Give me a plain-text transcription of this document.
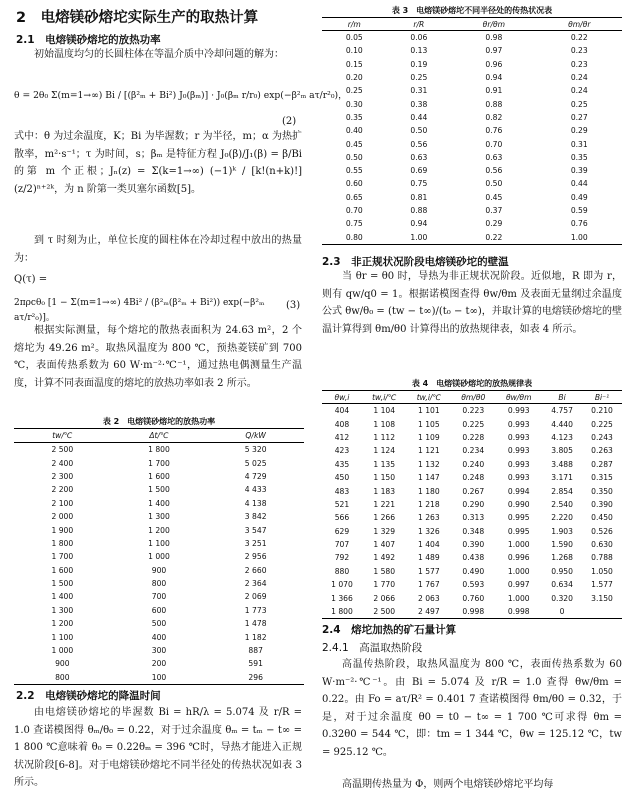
2　电熔镁砂熔坨实际生产的取热计算
2.1　电熔镁砂熔坨的放热功率

初始温度均匀的长圆柱体在等温介质中冷却问题的解为：

θ = 2θ₀ Σ(m=1→∞) Bi / [(β²ₘ + Bi²) J₀(βₘ)] · J₀(βₘ r/r₀) exp(−β²ₘ aτ/r²₀)，
(2)

式中：θ 为过余温度，K；Bi 为毕渥数；r 为半径，m；α 为热扩散率，m²·s⁻¹；τ 为时间，s；βₘ 是特征方程 J₀(β)/J₁(β) = β/Bi 的第 m 个正根；Jₙ(z) = Σ(k=1→∞) (−1)ᵏ / [k!(n+k)!] (z/2)ⁿ⁺²ᵏ，为 n 阶第一类贝塞尔函数[5]。

到 τ 时刻为止，单位长度的圆柱体在冷却过程中放出的热量为：

Q(τ) =
2πρcθ₀ [1 − Σ(m=1→∞) 4Bi² / (β²ₘ(β²ₘ + Bi²)) exp(−β²ₘ aτ/r²₀)]。
(3)

根据实际测量，每个熔坨的散热表面积为 24.63 m²，2 个熔坨为 49.26 m²。取热风温度为 800 ℃，预热菱镁矿到 700 ℃，表面传热系数为 60 W·m⁻²·℃⁻¹，通过热电偶测量生产温度，计算不同表面温度的熔坨的放热功率如表 2 所示。

表 2　电熔镁砂熔坨的放热功率
tw/℃	Δt/℃	Q/kW
2 500	1 800	5 320
2 400	1 700	5 025
2 300	1 600	4 729
2 200	1 500	4 433
2 100	1 400	4 138
2 000	1 300	3 842
1 900	1 200	3 547
1 800	1 100	3 251
1 700	1 000	2 956
1 600	900	2 660
1 500	800	2 364
1 400	700	2 069
1 300	600	1 773
1 200	500	1 478
1 100	400	1 182
1 000	300	887
900	200	591
800	100	296
2.2　电熔镁砂熔坨的降温时间

由电熔镁砂熔坨的毕渥数 Bi = hR/λ = 5.074 及 r/R = 1.0 查诺模图得 θₘ/θ₀ = 0.22，对于过余温度 θₘ = tₘ − t∞ = 1 800 ℃意味着 θ₀ = 0.22θₘ = 396 ℃时，导热才能进入正规状况阶段[6-8]。对于电熔镁砂熔坨不同半径处的传热状况如表 3 所示。

表 3　电熔镁砂熔坨不同半径处的传热状况表
r/m	r/R	θr/θm	θm/θr
0.05	0.06	0.98	0.22
0.10	0.13	0.97	0.23
0.15	0.19	0.96	0.23
0.20	0.25	0.94	0.24
0.25	0.31	0.91	0.24
0.30	0.38	0.88	0.25
0.35	0.44	0.82	0.27
0.40	0.50	0.76	0.29
0.45	0.56	0.70	0.31
0.50	0.63	0.63	0.35
0.55	0.69	0.56	0.39
0.60	0.75	0.50	0.44
0.65	0.81	0.45	0.49
0.70	0.88	0.37	0.59
0.75	0.94	0.29	0.76
0.80	1.00	0.22	1.00
2.3　非正规状况阶段电熔镁砂坨的壁温

当 θr = θ0 时，导热为非正规状况阶段。近似地，R 即为 r，则有 qw/q0 = 1。根据诺模图查得 θw/θm 及表面无量纲过余温度公式 θw/θ₀ = (tw − t∞)/(t₀ − t∞)，并取计算的电熔镁砂熔坨的壁温计算得到 θm/θ0 计算得出的放热规律表，如表 4 所示。

表 4　电熔镁砂熔坨的放热规律表
θw,i	tw,i/℃	tw,i/℃	θm/θ0	θw/θm	Bi	Bi⁻¹
404	1 104	1 101	0.223	0.993	4.757	0.210
408	1 108	1 105	0.225	0.993	4.440	0.225
412	1 112	1 109	0.228	0.993	4.123	0.243
423	1 124	1 121	0.234	0.993	3.805	0.263
435	1 135	1 132	0.240	0.993	3.488	0.287
450	1 150	1 147	0.248	0.993	3.171	0.315
483	1 183	1 180	0.267	0.994	2.854	0.350
521	1 221	1 218	0.290	0.990	2.540	0.390
566	1 266	1 263	0.313	0.995	2.220	0.450
629	1 329	1 326	0.348	0.995	1.903	0.526
707	1 407	1 404	0.390	1.000	1.590	0.630
792	1 492	1 489	0.438	0.996	1.268	0.788
880	1 580	1 577	0.490	1.000	0.950	1.050
1 070	1 770	1 767	0.593	0.997	0.634	1.577
1 366	2 066	2 063	0.760	1.000	0.320	3.150
1 800	2 500	2 497	0.998	0.998	0	
2.4　熔坨加热的矿石量计算
2.4.1　高温取热阶段

高温传热阶段，取热风温度为 800 ℃，表面传热系数为 60 W·m⁻²·℃⁻¹。由 Bi = 5.074 及 r/R = 1.0 查得 θw/θm = 0.22。由 Fo = aτ/R² = 0.401 7 查诺模图得 θm/θ0 = 0.32，于是，对于过余温度 θ0 = t0 − t∞ = 1 700 ℃可求得 θm = 0.32θ0 = 544 ℃，即：tm = 1 344 ℃，θw = 125.12 ℃，tw = 925.12 ℃。

高温期传热量为 Φ，则两个电熔镁砂熔坨平均每
